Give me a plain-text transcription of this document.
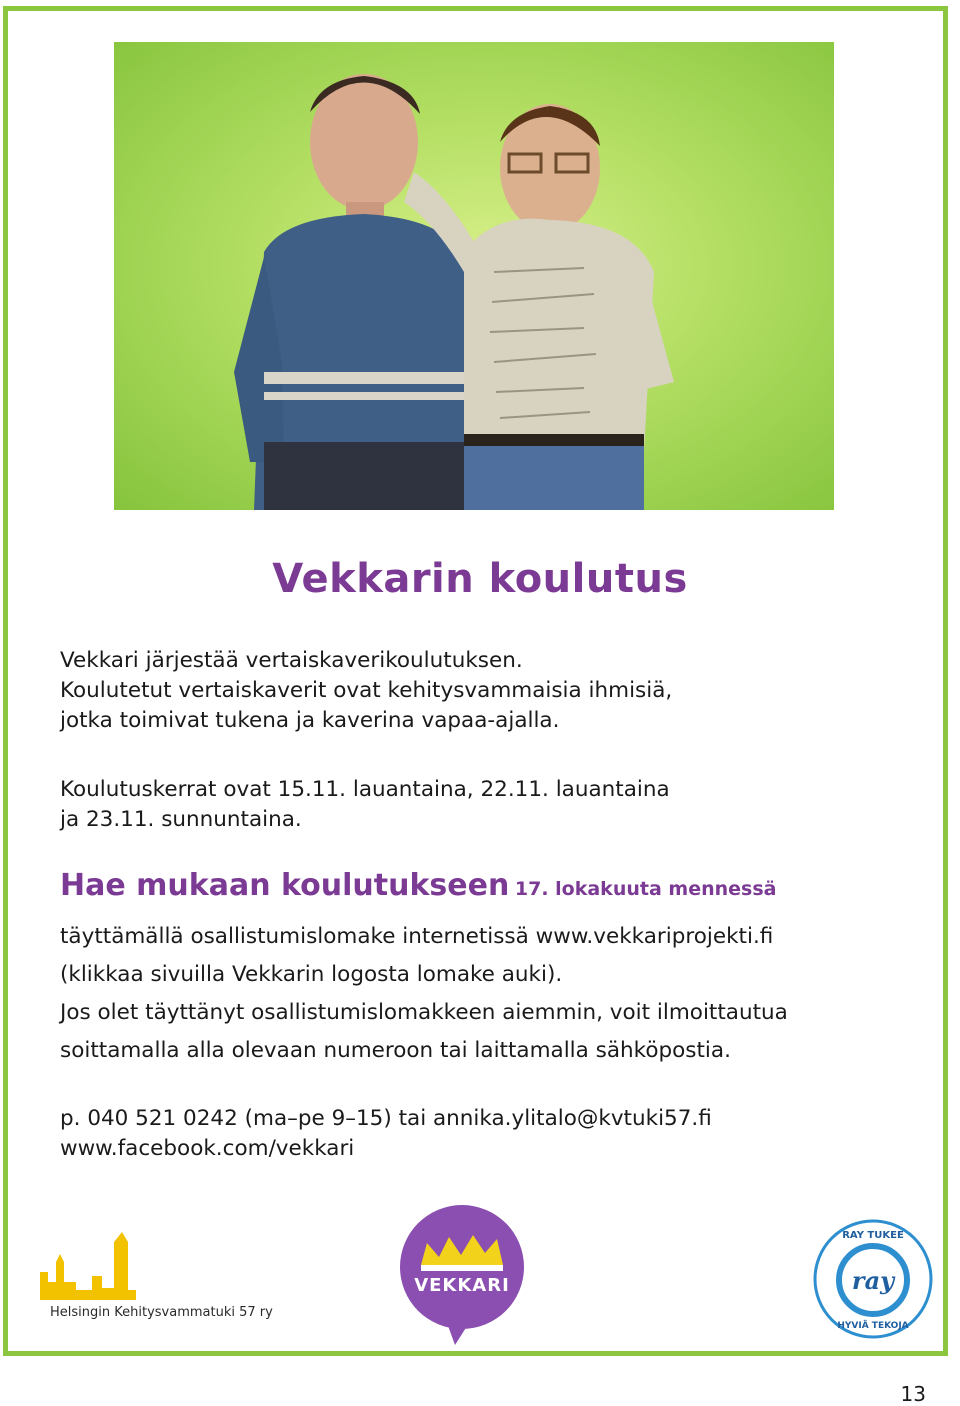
Vekkarin koulutus
Vekkari järjestää vertaiskaverikoulutuksen.
Koulutetut vertaiskaverit ovat kehitysvammaisia ihmisiä,
jotka toimivat tukena ja kaverina vapaa-ajalla.
Koulutuskerrat ovat 15.11. lauantaina, 22.11. lauantaina
ja 23.11. sunnuntaina.
Hae mukaan koulutukseen 17. lokakuuta mennessä
täyttämällä osallistumislomake internetissä www.vekkariprojekti.fi
(klikkaa sivuilla Vekkarin logosta lomake auki).
Jos olet täyttänyt osallistumislomakkeen aiemmin, voit ilmoittautua
soittamalla alla olevaan numeroon tai laittamalla sähköpostia.
p. 040 521 0242 (ma–pe 9–15) tai annika.ylitalo@kvtuki57.fi
www.facebook.com/vekkari
Helsingin Kehitysvammatuki 57 ry
VEKKARI	ray
RAY TUKEE
HYVIÄ TEKOJA
13
